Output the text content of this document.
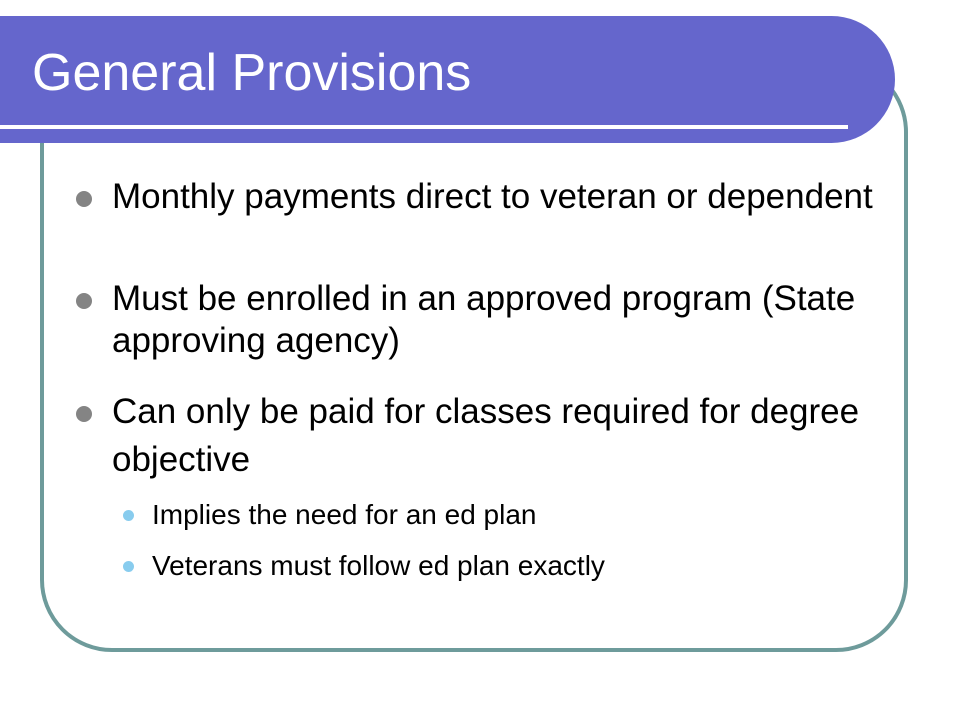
General Provisions
Monthly payments direct to veteran or dependent
Must be enrolled in an approved program (State approving agency)
Can only be paid for classes required for degree objective
Implies the need for an ed plan
Veterans must follow ed plan exactly
